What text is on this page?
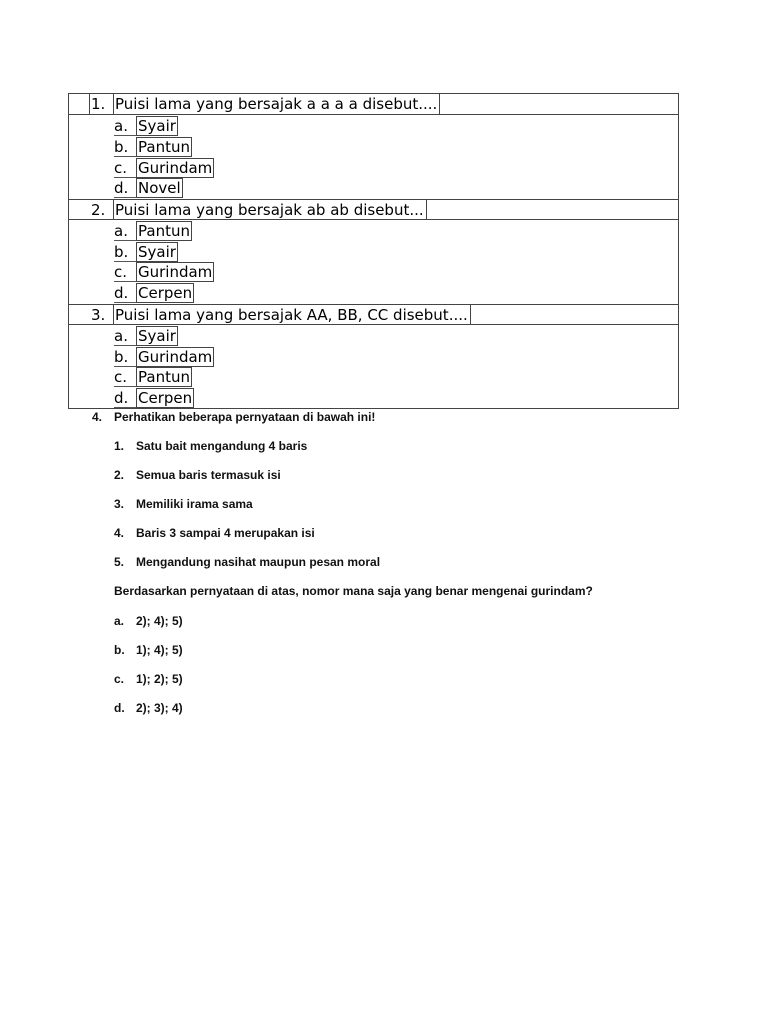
1. Puisi lama yang bersajak a a a a disebut....
a. Syair
b. Pantun
c. Gurindam
d. Novel
2. Puisi lama yang bersajak ab ab disebut...
a. Pantun
b. Syair
c. Gurindam
d. Cerpen
3. Puisi lama yang bersajak AA, BB, CC disebut....
a. Syair
b. Gurindam
c. Pantun
d. Cerpen
4. Perhatikan beberapa pernyataan di bawah ini!
1. Satu bait mengandung 4 baris
2. Semua baris termasuk isi
3. Memiliki irama sama
4. Baris 3 sampai 4 merupakan isi
5. Mengandung nasihat maupun pesan moral
Berdasarkan pernyataan di atas, nomor mana saja yang benar mengenai gurindam?
a. 2); 4); 5)
b. 1); 4); 5)
c. 1); 2); 5)
d. 2); 3); 4)
